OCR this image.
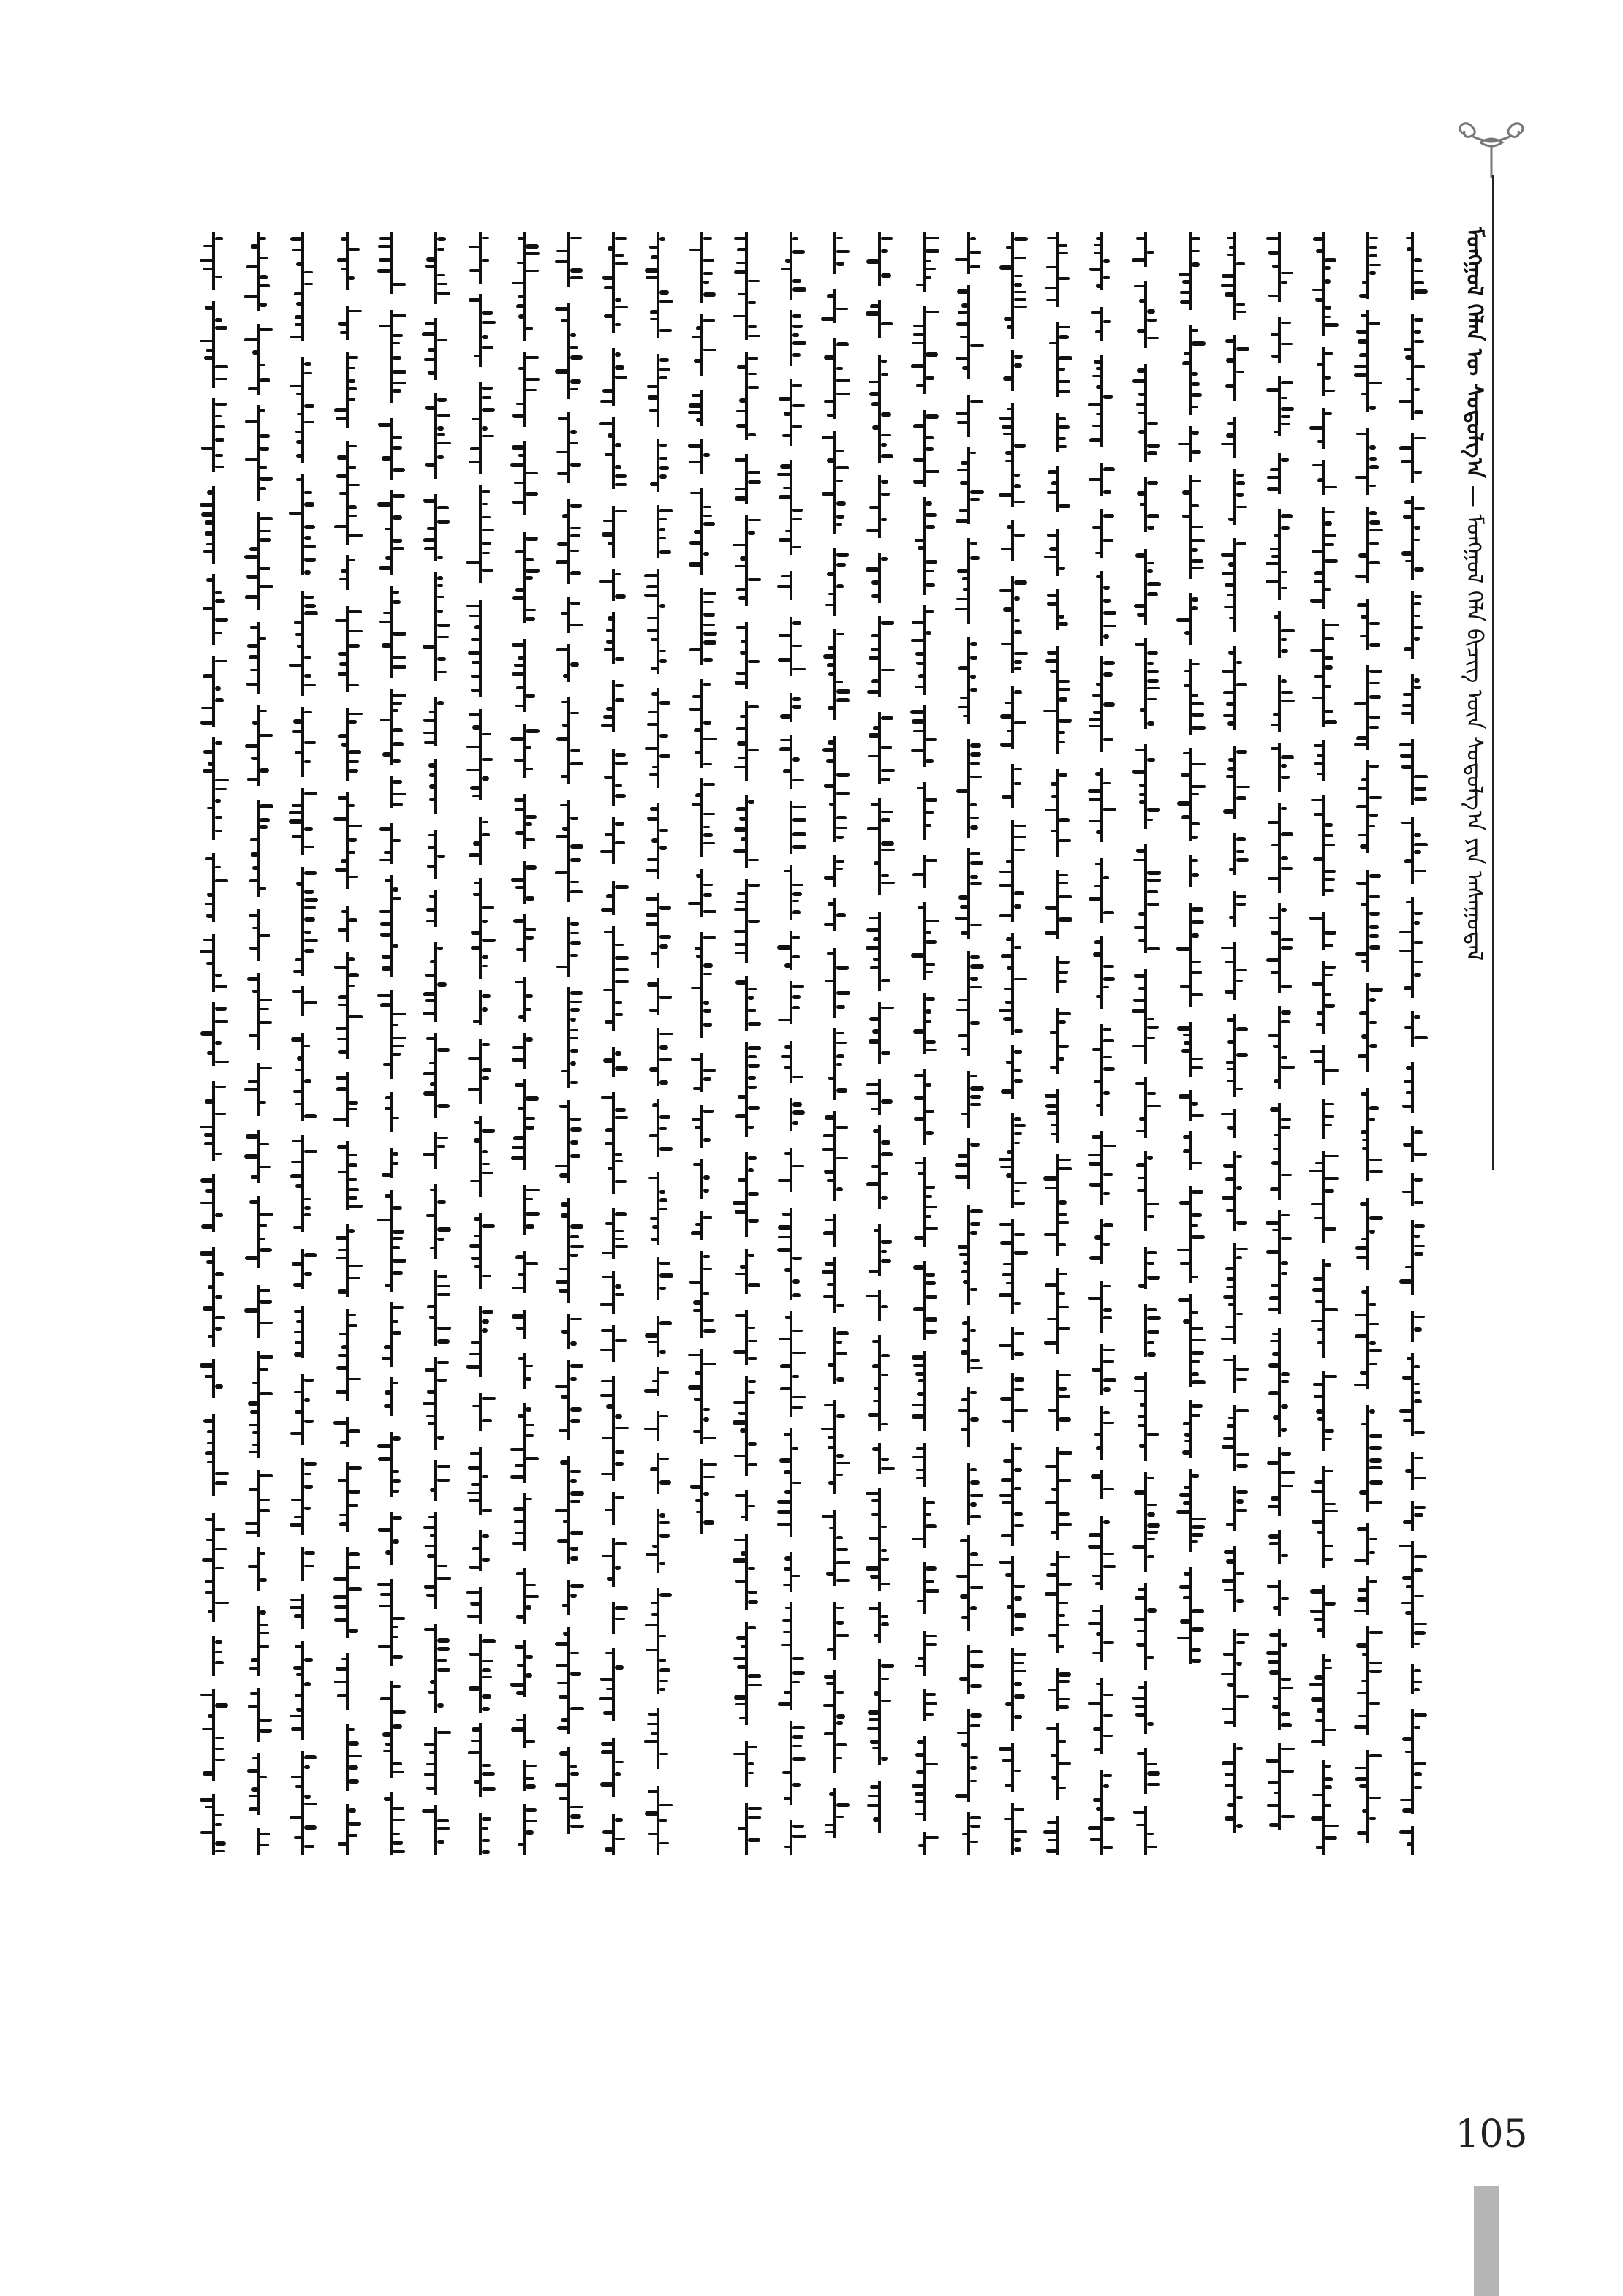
ᠮᠣᠩᠭᠣᠯ ᠬᠡᠯᠡᠨ ᠦ ᠰᠤᠳᠤᠯᠭ᠎ᠠ — ᠮᠣᠩᠭᠣᠯ ᠬᠡᠯᠡ ᠪᠢᠴᠢᠭ ᠦᠨ ᠰᠤᠳᠤᠯᠭ᠎ᠠ ᠶᠢᠨ ᠠᠰᠠᠭᠤᠳᠠᠯ
105
